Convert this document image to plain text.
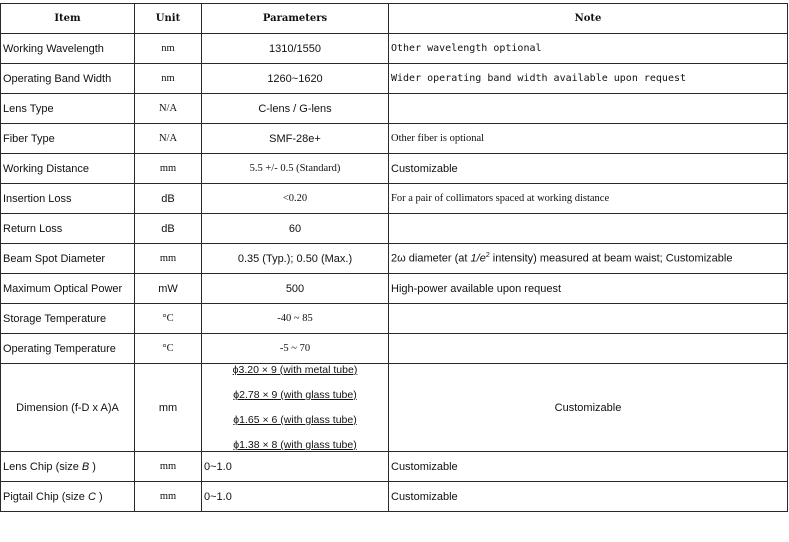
Item	Unit	Parameters	Note
Working Wavelength	nm	1310/1550	Other wavelength optional
Operating Band Width	nm	1260~1620	Wider operating band width available upon request
Lens Type	N/A	C-lens / G-lens	
Fiber Type	N/A	SMF-28e+	Other fiber is optional
Working Distance	mm	5.5 +/- 0.5 (Standard)	Customizable
Insertion Loss	dB	<0.20	For a pair of collimators spaced at working distance
Return Loss	dB	60	
Beam Spot Diameter	mm	0.35 (Typ.); 0.50 (Max.)	2ω diameter (at $1/e^2$ intensity) measured at beam waist; Customizable
Maximum Optical Power	mW	500	High-power available upon request
Storage Temperature	°C	-40 ~ 85	
Operating Temperature	°C	-5 ~ 70	
Dimension (f-D x A)A	mm	ϕ3.20 × 9 (with metal tube)
ϕ2.78 × 9 (with glass tube)
ϕ1.65 × 6 (with glass tube)
ϕ1.38 × 8 (with glass tube)	Customizable
Lens Chip (size B )	mm	0~1.0	Customizable
Pigtail Chip (size C )	mm	0~1.0	Customizable
